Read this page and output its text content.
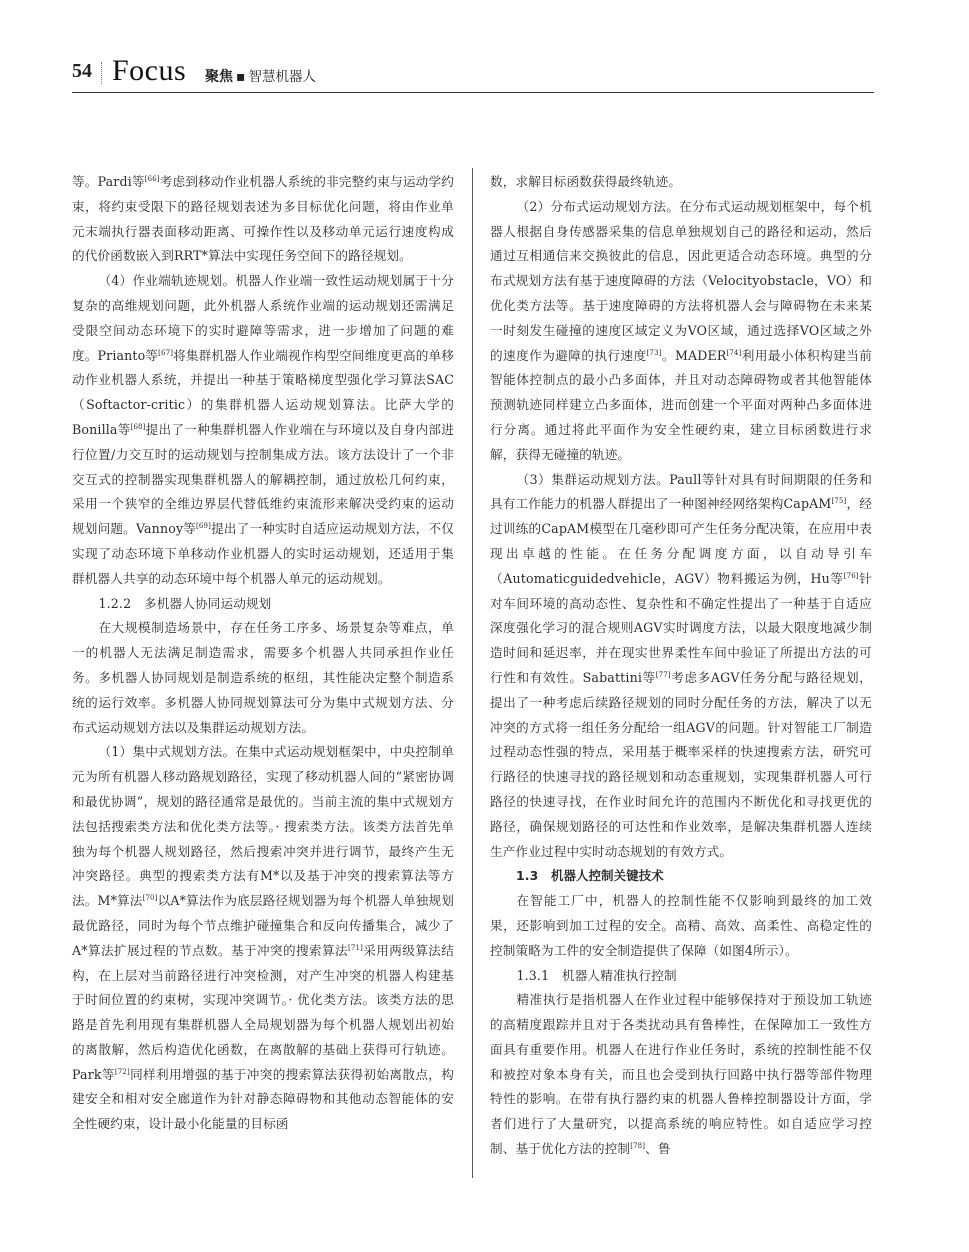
54 Focus 聚焦 ▪ 智慧机器人

等。Pardi等[66]考虑到移动作业机器人系统的非完整约束与运动学约束，将约束受限下的路径规划表述为多目标优化问题，将由作业单元末端执行器表面移动距离、可操作性以及移动单元运行速度构成的代价函数嵌入到RRT*算法中实现任务空间下的路径规划。

（4）作业端轨迹规划。机器人作业端一致性运动规划属于十分复杂的高维规划问题，此外机器人系统作业端的运动规划还需满足受限空间动态环境下的实时避障等需求，进一步增加了问题的难度。Prianto等[67]将集群机器人作业端视作构型空间维度更高的单移动作业机器人系统，并提出一种基于策略梯度型强化学习算法SAC（Softactor-critic）的集群机器人运动规划算法。比萨大学的Bonilla等[68]提出了一种集群机器人作业端在与环境以及自身内部进行位置/力交互时的运动规划与控制集成方法。该方法设计了一个非交互式的控制器实现集群机器人的解耦控制，通过放松几何约束，采用一个狭窄的全维边界层代替低维约束流形来解决受约束的运动规划问题。Vannoy等[69]提出了一种实时自适应运动规划方法，不仅实现了动态环境下单移动作业机器人的实时运动规划，还适用于集群机器人共享的动态环境中每个机器人单元的运动规划。

1.2.2　多机器人协同运动规划

在大规模制造场景中，存在任务工序多、场景复杂等难点，单一的机器人无法满足制造需求，需要多个机器人共同承担作业任务。多机器人协同规划是制造系统的枢纽，其性能决定整个制造系统的运行效率。多机器人协同规划算法可分为集中式规划方法、分布式运动规划方法以及集群运动规划方法。

（1）集中式规划方法。在集中式运动规划框架中，中央控制单元为所有机器人移动路规划路径，实现了移动机器人间的“紧密协调和最优协调”，规划的路径通常是最优的。当前主流的集中式规划方法包括搜索类方法和优化类方法等。· 搜索类方法。该类方法首先单独为每个机器人规划路径，然后搜索冲突并进行调节，最终产生无冲突路径。典型的搜索类方法有M*以及基于冲突的搜索算法等方法。M*算法[70]以A*算法作为底层路径规划器为每个机器人单独规划最优路径，同时为每个节点维护碰撞集合和反向传播集合，减少了A*算法扩展过程的节点数。基于冲突的搜索算法[71]采用两级算法结构，在上层对当前路径进行冲突检测，对产生冲突的机器人构建基于时间位置的约束树，实现冲突调节。· 优化类方法。该类方法的思路是首先利用现有集群机器人全局规划器为每个机器人规划出初始的离散解，然后构造优化函数，在离散解的基础上获得可行轨迹。Park等[72]同样利用增强的基于冲突的搜索算法获得初始离散点，构建安全和相对安全廊道作为针对静态障碍物和其他动态智能体的安全性硬约束，设计最小化能量的目标函

数，求解目标函数获得最终轨迹。

（2）分布式运动规划方法。在分布式运动规划框架中，每个机器人根据自身传感器采集的信息单独规划自己的路径和运动，然后通过互相通信来交换彼此的信息，因此更适合动态环境。典型的分布式规划方法有基于速度障碍的方法（Velocityobstacle，VO）和优化类方法等。基于速度障碍的方法将机器人会与障碍物在未来某一时刻发生碰撞的速度区域定义为VO区域，通过选择VO区域之外的速度作为避障的执行速度[73]。MADER[74]利用最小体积构建当前智能体控制点的最小凸多面体，并且对动态障碍物或者其他智能体预测轨迹同样建立凸多面体，进而创建一个平面对两种凸多面体进行分离。通过将此平面作为安全性硬约束，建立目标函数进行求解，获得无碰撞的轨迹。

（3）集群运动规划方法。Paull等针对具有时间期限的任务和具有工作能力的机器人群提出了一种图神经网络架构CapAM[75]，经过训练的CapAM模型在几毫秒即可产生任务分配决策，在应用中表现出卓越的性能。在任务分配调度方面，以自动导引车（Automaticguidedvehicle，AGV）物料搬运为例，Hu等[76]针对车间环境的高动态性、复杂性和不确定性提出了一种基于自适应深度强化学习的混合规则AGV实时调度方法，以最大限度地减少制造时间和延迟率，并在现实世界柔性车间中验证了所提出方法的可行性和有效性。Sabattini等[77]考虑多AGV任务分配与路径规划，提出了一种考虑后续路径规划的同时分配任务的方法，解决了以无冲突的方式将一组任务分配给一组AGV的问题。针对智能工厂制造过程动态性强的特点，采用基于概率采样的快速搜索方法，研究可行路径的快速寻找的路径规划和动态重规划，实现集群机器人可行路径的快速寻找，在作业时间允许的范围内不断优化和寻找更优的路径，确保规划路径的可达性和作业效率，是解决集群机器人连续生产作业过程中实时动态规划的有效方式。

1.3　机器人控制关键技术

在智能工厂中，机器人的控制性能不仅影响到最终的加工效果，还影响到加工过程的安全。高精、高效、高柔性、高稳定性的控制策略为工件的安全制造提供了保障（如图4所示）。

1.3.1　机器人精准执行控制

精准执行是指机器人在作业过程中能够保持对于预设加工轨迹的高精度跟踪并且对于各类扰动具有鲁棒性，在保障加工一致性方面具有重要作用。机器人在进行作业任务时，系统的控制性能不仅和被控对象本身有关，而且也会受到执行回路中执行器等部件物理特性的影响。在带有执行器约束的机器人鲁棒控制器设计方面，学者们进行了大量研究，以提高系统的响应特性。如自适应学习控制、基于优化方法的控制[78]、鲁
